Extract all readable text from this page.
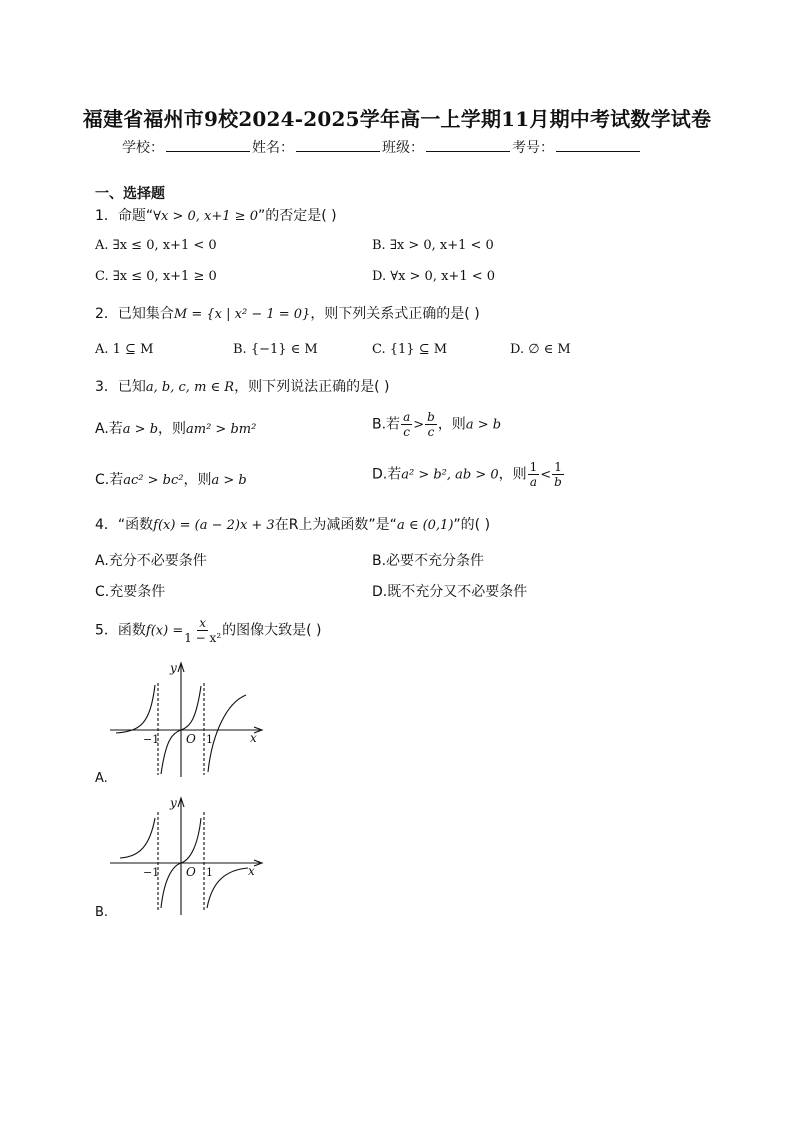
福建省福州市9校2024-2025学年高一上学期11月期中考试数学试卷
学校：	姓名：	班级：	考号：
一、选择题
1．命题“∀x > 0, x+1 ≥ 0”的否定是( )
A. ∃x ≤ 0, x+1 < 0	B. ∃x > 0, x+1 < 0
C. ∃x ≤ 0, x+1 ≥ 0	D. ∀x > 0, x+1 < 0
2．已知集合M = {x | x² − 1 = 0}，则下列关系式正确的是( )
A. 1 ⊆ M	B. {−1} ∈ M	C. {1} ⊆ M	D. ∅ ∈ M
3．已知a, b, c, m ∈ R，则下列说法正确的是( )
A.若a > b，则am² > bm²	B.若 $\frac{a}{c} > \frac{b}{c}$ ，则a > b
C.若ac² > bc²，则a > b	D.若a² > b², ab > 0，则 $\frac{1}{a} < \frac{1}{b}$
4．“函数f(x) = (a − 2)x + 3在R上为减函数”是“a ∈ (0,1)”的( )
A.充分不必要条件	B.必要不充分条件
C.充要条件	D.既不充分又不必要条件
5．函数$f(x) = \frac{x}{\text{1 − x²}}$ 的图像大致是( )
y
x
O
−1	1
A.
y
x
O
−1	1
B.
